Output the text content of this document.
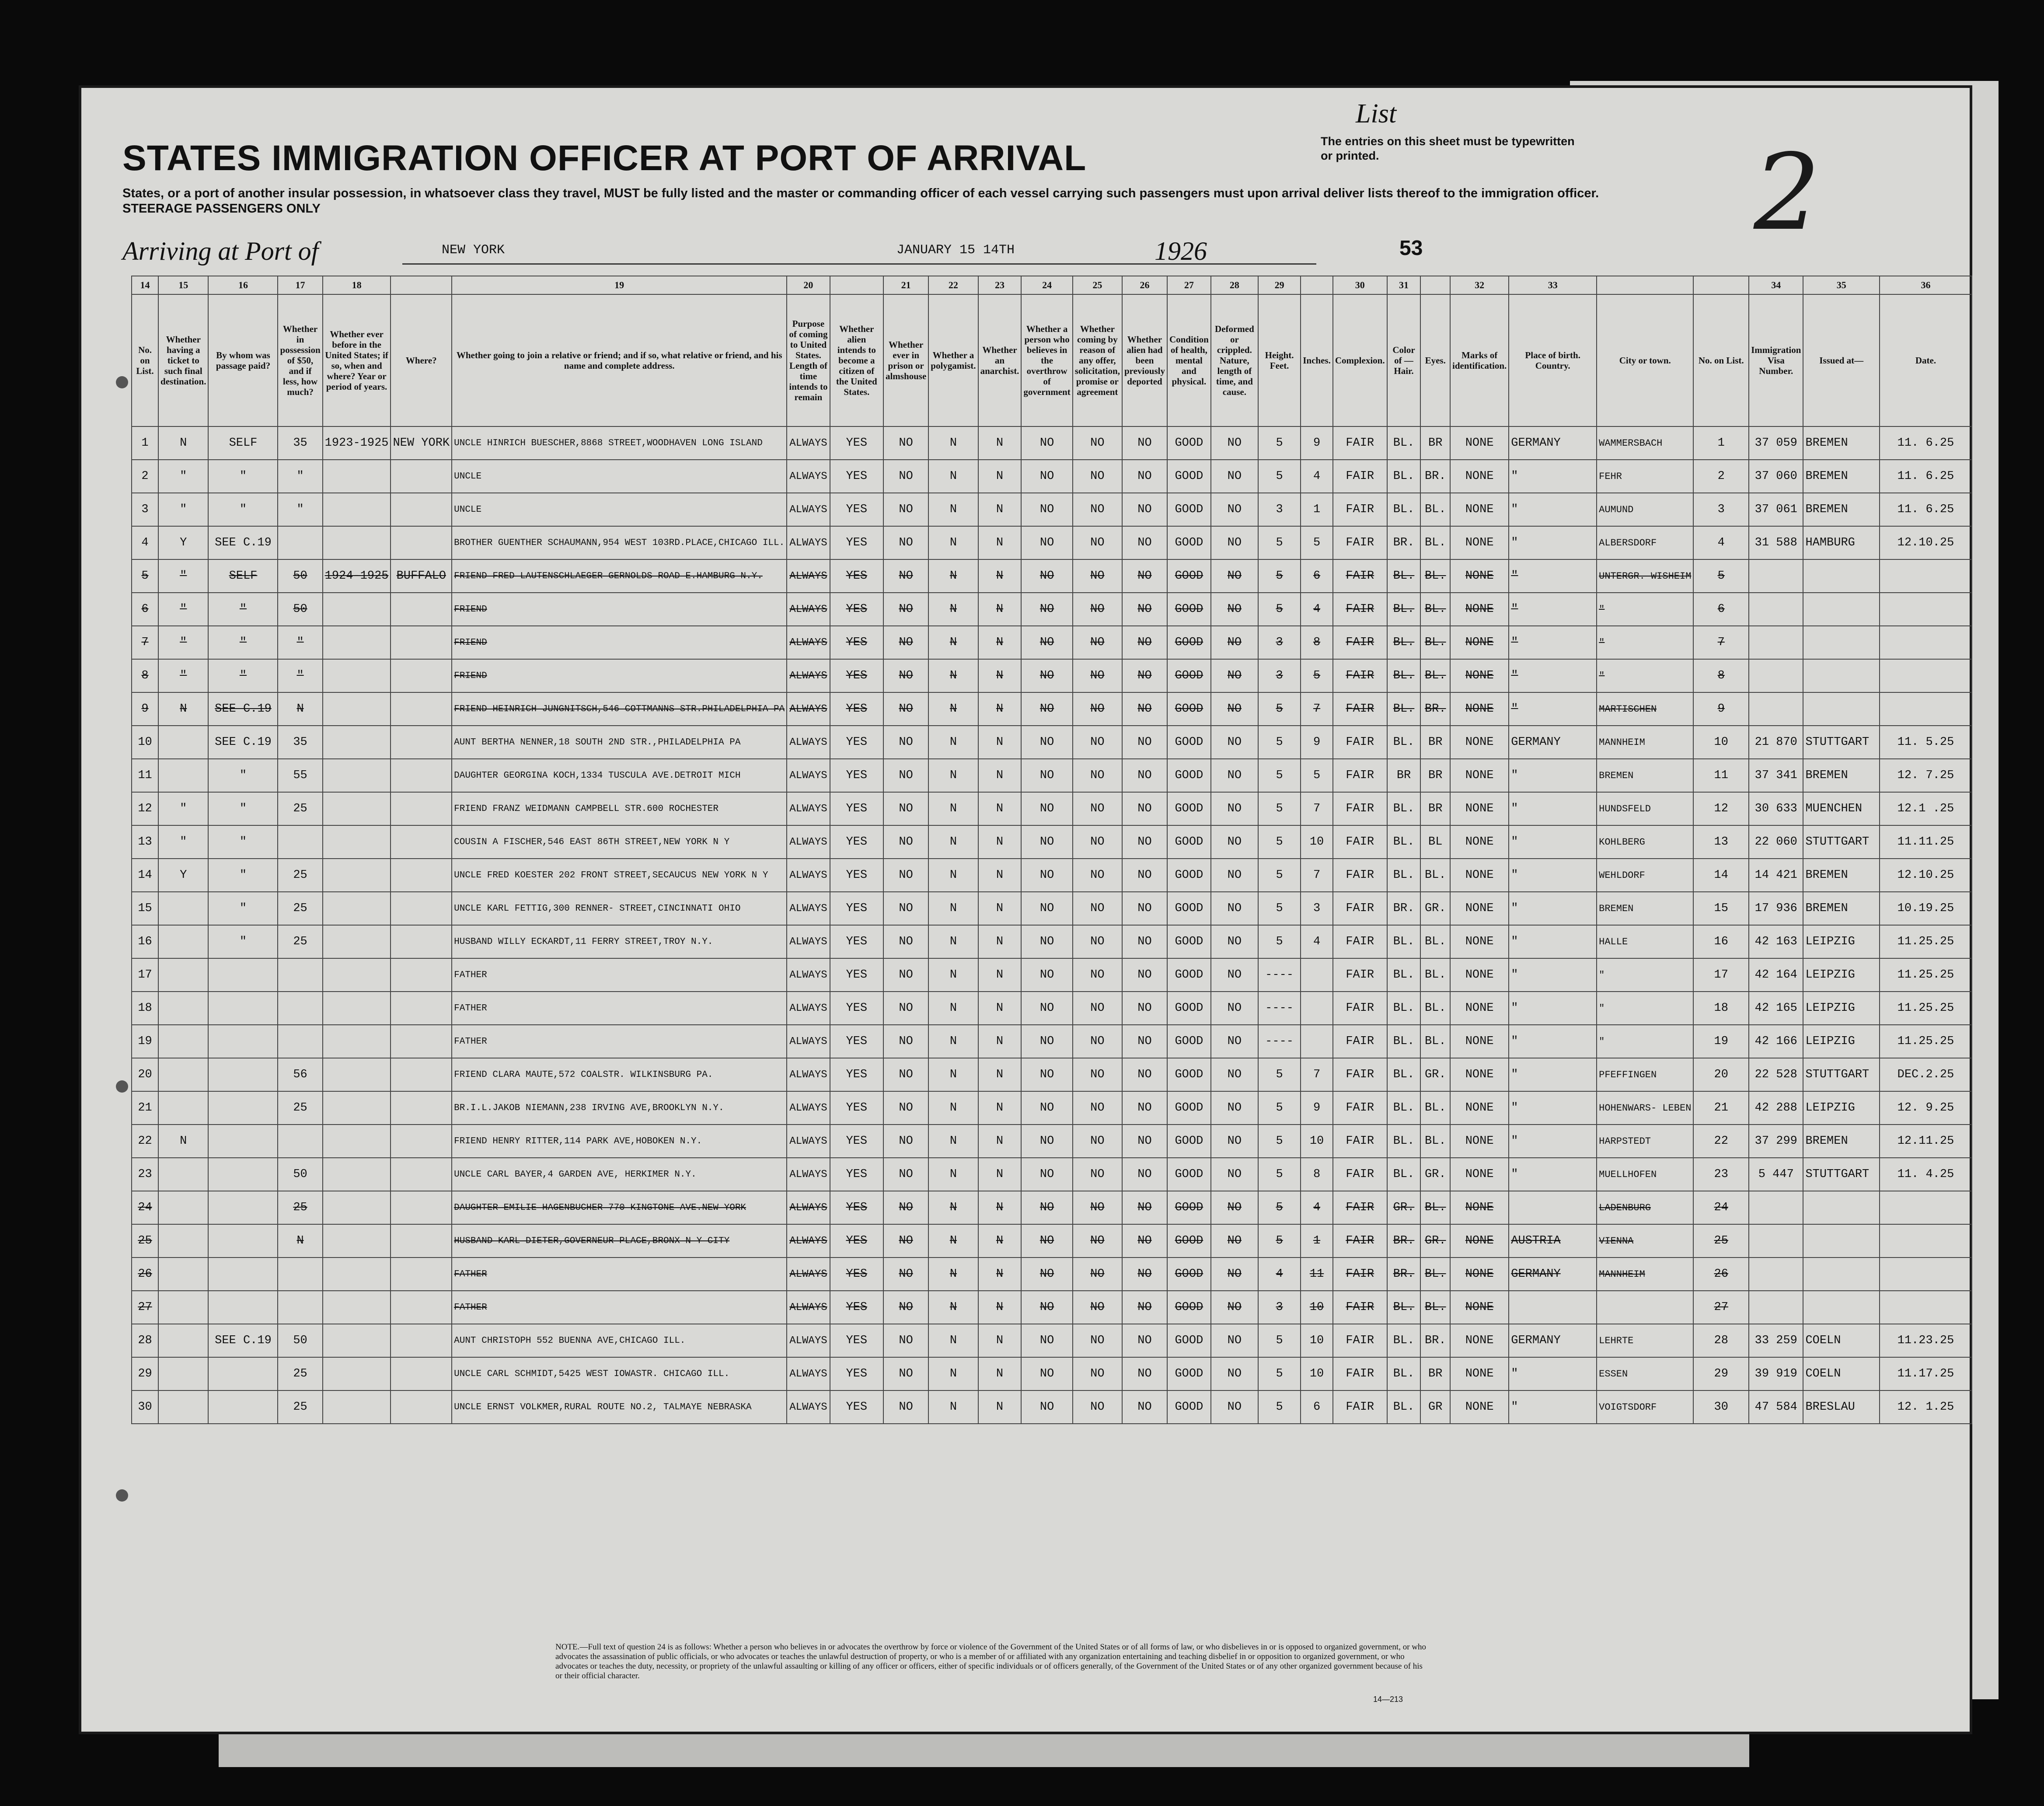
STATES IMMIGRATION OFFICER AT PORT OF ARRIVAL
List
The entries on this sheet must be typewritten or printed.	2
States, or a port of another insular possession, in whatsoever class they travel, MUST be fully listed and the master or commanding officer of each vessel carrying such passengers must upon arrival deliver lists thereof to the immigration officer. STEERAGE PASSENGERS ONLY
Arriving at Port of	NEW YORK	JANUARY 15 14TH	1926	53
14	15	16	17	18		19	20		21	22	23	24	25	26	27	28	29		30	31		32	33			34	35	36
No. on List.	Whether having a ticket to such final destination.	By whom was passage paid?	Whether in possession of $50, and if less, how much?	Whether ever before in the United States; if so, when and where? Year or period of years.	Where?	Whether going to join a relative or friend; and if so, what relative or friend, and his name and complete address.	Purpose of coming to United States. Length of time intends to remain	Whether alien intends to become a citizen of the United States.	Whether ever in prison or almshouse	Whether a polygamist.	Whether an anarchist.	Whether a person who believes in the overthrow of government	Whether coming by reason of any offer, solicitation, promise or agreement	Whether alien had been previously deported	Condition of health, mental and physical.	Deformed or crippled. Nature, length of time, and cause.	Height. Feet.	Inches.	Complexion.	Color of — Hair.	Eyes.	Marks of identification.	Place of birth. Country.	City or town.	No. on List.	Immigration Visa Number.	Issued at—	Date.
1	N	SELF	35	1923-1925	NEW YORK	UNCLE HINRICH BUESCHER,8868 STREET,WOODHAVEN LONG ISLAND	ALWAYS	YES	NO	N	N	NO	NO	NO	GOOD	NO	5	9	FAIR	BL.	BR	NONE	GERMANY	WAMMERSBACH	1	37 059	BREMEN	11. 6.25
2	"	"	"			UNCLE	ALWAYS	YES	NO	N	N	NO	NO	NO	GOOD	NO	5	4	FAIR	BL.	BR.	NONE	"	FEHR	2	37 060	BREMEN	11. 6.25
3	"	"	"			UNCLE	ALWAYS	YES	NO	N	N	NO	NO	NO	GOOD	NO	3	1	FAIR	BL.	BL.	NONE	"	AUMUND	3	37 061	BREMEN	11. 6.25
4	Y	SEE C.19				BROTHER GUENTHER SCHAUMANN,954 WEST 103RD.PLACE,CHICAGO ILL.	ALWAYS	YES	NO	N	N	NO	NO	NO	GOOD	NO	5	5	FAIR	BR.	BL.	NONE	"	ALBERSDORF	4	31 588	HAMBURG	12.10.25
5	"	SELF	50	1924-1925	BUFFALO	FRIEND FRED LAUTENSCHLAEGER GERNOLDS ROAD E.HAMBURG N.Y.	ALWAYS	YES	NO	N	N	NO	NO	NO	GOOD	NO	5	6	FAIR	BL.	BL.	NONE	"	UNTERGR. WISHEIM	5			
6	"	"	50			FRIEND	ALWAYS	YES	NO	N	N	NO	NO	NO	GOOD	NO	5	4	FAIR	BL.	BL.	NONE	"	"	6			
7	"	"	"			FRIEND	ALWAYS	YES	NO	N	N	NO	NO	NO	GOOD	NO	3	8	FAIR	BL.	BL.	NONE	"	"	7			
8	"	"	"			FRIEND	ALWAYS	YES	NO	N	N	NO	NO	NO	GOOD	NO	3	5	FAIR	BL.	BL.	NONE	"	"	8			
9	N	SEE C.19	N			FRIEND HEINRICH JUNGNITSCH,546 COTTMANNS STR.PHILADELPHIA PA	ALWAYS	YES	NO	N	N	NO	NO	NO	GOOD	NO	5	7	FAIR	BL.	BR.	NONE	"	MARTISCHEN	9			
10		SEE C.19	35			AUNT BERTHA NENNER,18 SOUTH 2ND STR.,PHILADELPHIA PA	ALWAYS	YES	NO	N	N	NO	NO	NO	GOOD	NO	5	9	FAIR	BL.	BR	NONE	GERMANY	MANNHEIM	10	21 870	STUTTGART	11. 5.25
11		"	55			DAUGHTER GEORGINA KOCH,1334 TUSCULA AVE.DETROIT MICH	ALWAYS	YES	NO	N	N	NO	NO	NO	GOOD	NO	5	5	FAIR	BR	BR	NONE	"	BREMEN	11	37 341	BREMEN	12. 7.25
12	"	"	25			FRIEND FRANZ WEIDMANN CAMPBELL STR.600 ROCHESTER	ALWAYS	YES	NO	N	N	NO	NO	NO	GOOD	NO	5	7	FAIR	BL.	BR	NONE	"	HUNDSFELD	12	30 633	MUENCHEN	12.1 .25
13	"	"				COUSIN A FISCHER,546 EAST 86TH STREET,NEW YORK N Y	ALWAYS	YES	NO	N	N	NO	NO	NO	GOOD	NO	5	10	FAIR	BL.	BL	NONE	"	KOHLBERG	13	22 060	STUTTGART	11.11.25
14	Y	"	25			UNCLE FRED KOESTER 202 FRONT STREET,SECAUCUS NEW YORK N Y	ALWAYS	YES	NO	N	N	NO	NO	NO	GOOD	NO	5	7	FAIR	BL.	BL.	NONE	"	WEHLDORF	14	14 421	BREMEN	12.10.25
15		"	25			UNCLE KARL FETTIG,300 RENNER- STREET,CINCINNATI OHIO	ALWAYS	YES	NO	N	N	NO	NO	NO	GOOD	NO	5	3	FAIR	BR.	GR.	NONE	"	BREMEN	15	17 936	BREMEN	10.19.25
16		"	25			HUSBAND WILLY ECKARDT,11 FERRY STREET,TROY N.Y.	ALWAYS	YES	NO	N	N	NO	NO	NO	GOOD	NO	5	4	FAIR	BL.	BL.	NONE	"	HALLE	16	42 163	LEIPZIG	11.25.25
17						FATHER	ALWAYS	YES	NO	N	N	NO	NO	NO	GOOD	NO	----		FAIR	BL.	BL.	NONE	"	"	17	42 164	LEIPZIG	11.25.25
18						FATHER	ALWAYS	YES	NO	N	N	NO	NO	NO	GOOD	NO	----		FAIR	BL.	BL.	NONE	"	"	18	42 165	LEIPZIG	11.25.25
19						FATHER	ALWAYS	YES	NO	N	N	NO	NO	NO	GOOD	NO	----		FAIR	BL.	BL.	NONE	"	"	19	42 166	LEIPZIG	11.25.25
20			56			FRIEND CLARA MAUTE,572 COALSTR. WILKINSBURG PA.	ALWAYS	YES	NO	N	N	NO	NO	NO	GOOD	NO	5	7	FAIR	BL.	GR.	NONE	"	PFEFFINGEN	20	22 528	STUTTGART	DEC.2.25
21			25			BR.I.L.JAKOB NIEMANN,238 IRVING AVE,BROOKLYN N.Y.	ALWAYS	YES	NO	N	N	NO	NO	NO	GOOD	NO	5	9	FAIR	BL.	BL.	NONE	"	HOHENWARS- LEBEN	21	42 288	LEIPZIG	12. 9.25
22	N					FRIEND HENRY RITTER,114 PARK AVE,HOBOKEN N.Y.	ALWAYS	YES	NO	N	N	NO	NO	NO	GOOD	NO	5	10	FAIR	BL.	BL.	NONE	"	HARPSTEDT	22	37 299	BREMEN	12.11.25
23			50			UNCLE CARL BAYER,4 GARDEN AVE, HERKIMER N.Y.	ALWAYS	YES	NO	N	N	NO	NO	NO	GOOD	NO	5	8	FAIR	BL.	GR.	NONE	"	MUELLHOFEN	23	5 447	STUTTGART	11. 4.25
24			25			DAUGHTER EMILIE HAGENBUCHER 770 KINGTONE AVE.NEW YORK	ALWAYS	YES	NO	N	N	NO	NO	NO	GOOD	NO	5	4	FAIR	GR.	BL.	NONE		LADENBURG	24			
25			N			HUSBAND KARL DIETER,GOVERNEUR PLACE,BRONX N Y CITY	ALWAYS	YES	NO	N	N	NO	NO	NO	GOOD	NO	5	1	FAIR	BR.	GR.	NONE	AUSTRIA	VIENNA	25			
26						FATHER	ALWAYS	YES	NO	N	N	NO	NO	NO	GOOD	NO	4	11	FAIR	BR.	BL.	NONE	GERMANY	MANNHEIM	26			
27						FATHER	ALWAYS	YES	NO	N	N	NO	NO	NO	GOOD	NO	3	10	FAIR	BL.	BL.	NONE			27			
28		SEE C.19	50			AUNT CHRISTOPH 552 BUENNA AVE,CHICAGO ILL.	ALWAYS	YES	NO	N	N	NO	NO	NO	GOOD	NO	5	10	FAIR	BL.	BR.	NONE	GERMANY	LEHRTE	28	33 259	COELN	11.23.25
29			25			UNCLE CARL SCHMIDT,5425 WEST IOWASTR. CHICAGO ILL.	ALWAYS	YES	NO	N	N	NO	NO	NO	GOOD	NO	5	10	FAIR	BL.	BR	NONE	"	ESSEN	29	39 919	COELN	11.17.25
30			25			UNCLE ERNST VOLKMER,RURAL ROUTE NO.2, TALMAYE NEBRASKA	ALWAYS	YES	NO	N	N	NO	NO	NO	GOOD	NO	5	6	FAIR	BL.	GR	NONE	"	VOIGTSDORF	30	47 584	BRESLAU	12. 1.25
NOTE.—Full text of question 24 is as follows: Whether a person who believes in or advocates the overthrow by force or violence of the Government of the United States or of all forms of law, or who disbelieves in or is opposed to organized government, or who advocates the assassination of public officials, or who advocates or teaches the unlawful destruction of property, or who is a member of or affiliated with any organization entertaining and teaching disbelief in or opposition to organized government, or who advocates or teaches the duty, necessity, or propriety of the unlawful assaulting or killing of any officer or officers, either of specific individuals or of officers generally, of the Government of the United States or of any other organized government because of his or their official character.
14—213
